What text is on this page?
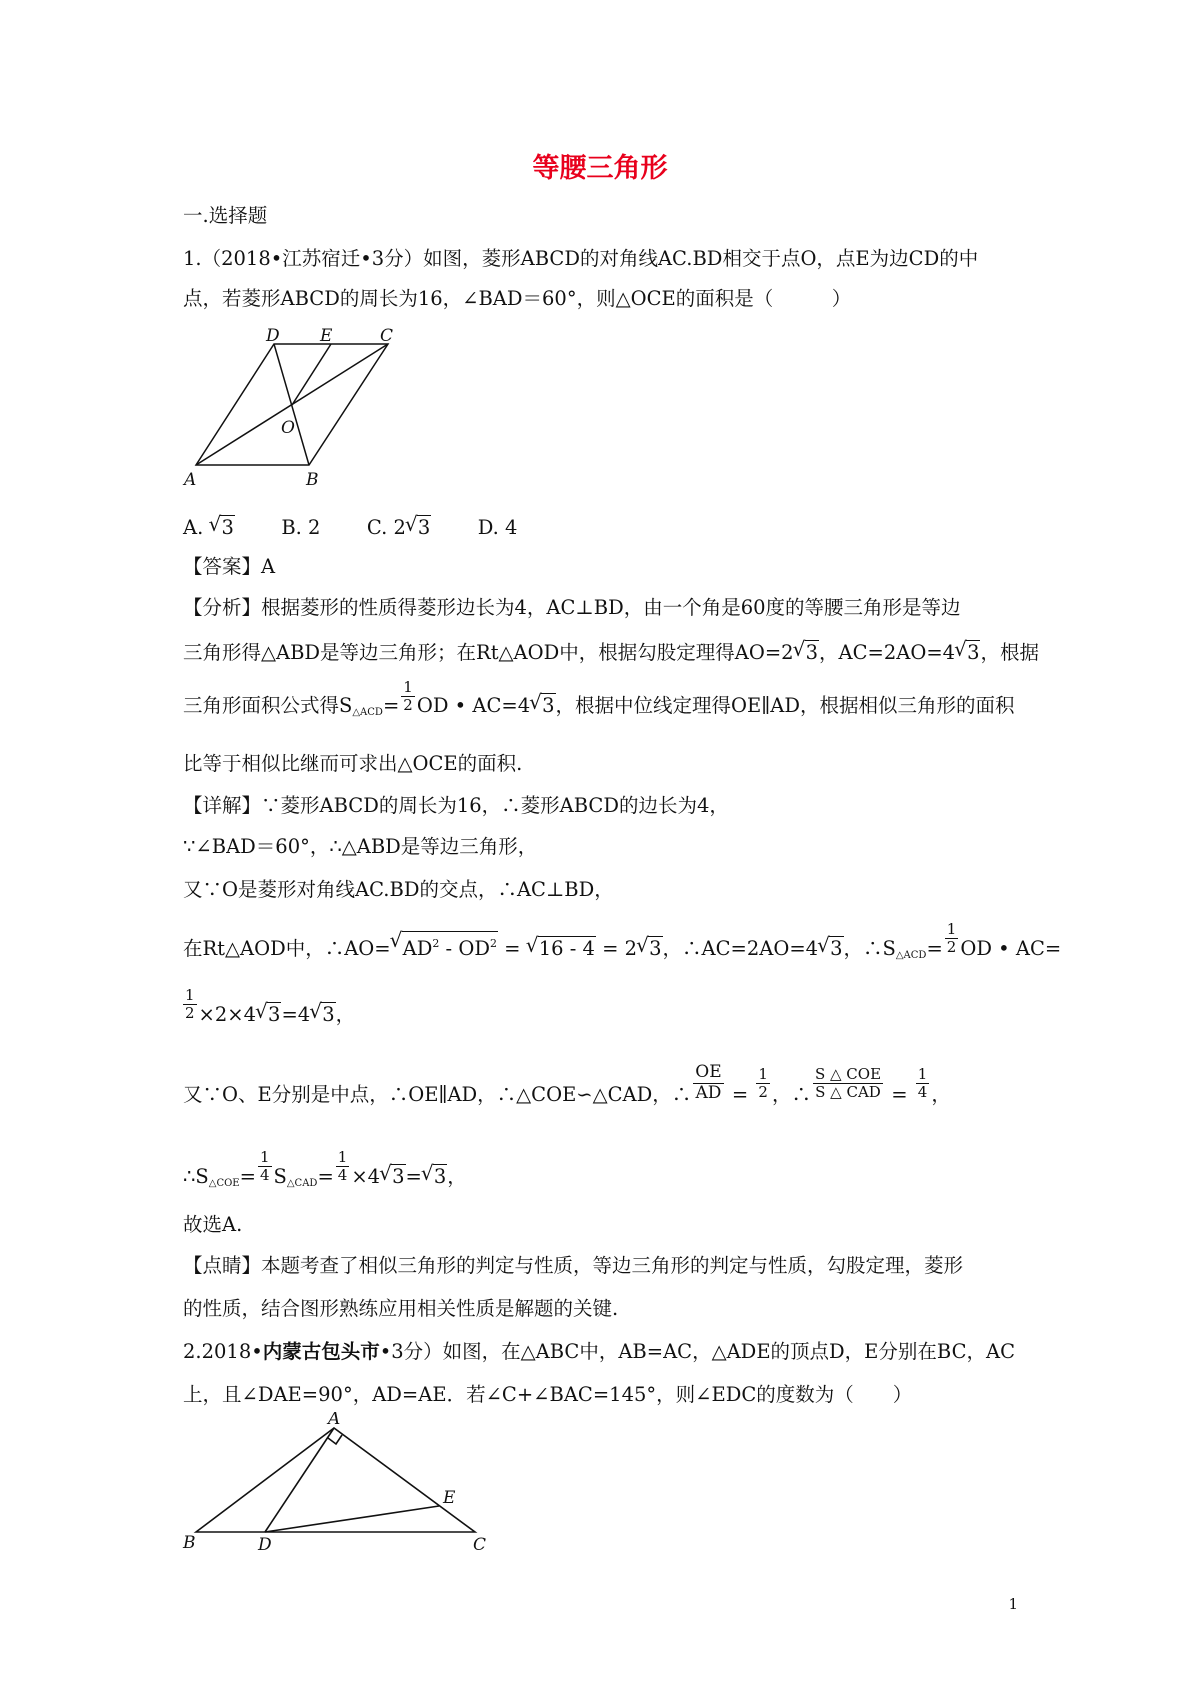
等腰三角形
一.选择题
1.（2018•江苏宿迁•3分）如图，菱形ABCD的对角线AC.BD相交于点O，点E为边CD的中
点，若菱形ABCD的周长为16，∠BAD＝60°，则△OCE的面积是（　　　）
D E	C
O
A	B
A. √ 3 B. 2 C. 2√ 3 D. 4
【答案】A
【分析】根据菱形的性质得菱形边长为4，AC⊥BD，由一个角是60度的等腰三角形是等边
三角形得△ABD是等边三角形；在Rt△AOD中，根据勾股定理得AO=2√ 3，AC=2AO=4√ 3，根据
三角形面积公式得$S_{\triangle ACD}= \frac{1}{2}$ OD • AC=4√ 3，根据中位线定理得OE∥AD，根据相似三角形的面积
比等于相似比继而可求出△OCE的面积.
【详解】∵菱形ABCD的周长为16，∴菱形ABCD的边长为4，
∵∠BAD＝60°，∴△ABD是等边三角形，
又∵O是菱形对角线AC.BD的交点，∴AC⊥BD，
在Rt△AOD中，∴AO=√ $AD^2 - OD^2$ = √ 16 - 4 = 2√ 3，∴AC=2AO=4√ 3，$\therefore S_{\triangle ACD}= \frac{1}{2}$ OD • AC=
$\frac{1}{2} \times 2\times 4√$ 3=4√ 3，
又∵O、E分别是中点，∴OE∥AD，∴△COE∽△CAD，∴ $\frac{OE}{AD} = \frac{1}{2}$ ，∴ $\frac{\text{S △ COE}}{\text{S △ CAD}} = \frac{1}{4}$ ，
$\therefore S_{\triangle COE}= \frac{1}{4} S_{\triangle CAD}= \frac{1}{4} \times 4√$ 3=√ 3，
故选A.
【点睛】本题考查了相似三角形的判定与性质，等边三角形的判定与性质，勾股定理，菱形
的性质，结合图形熟练应用相关性质是解题的关键.
2.2018•内蒙古包头市•3分）如图，在△ABC中，AB=AC，△ADE的顶点D，E分别在BC，AC
上，且∠DAE=90°，AD=AE．若∠C+∠BAC=145°，则∠EDC的度数为（　　）
A
E
B	D	C
1
